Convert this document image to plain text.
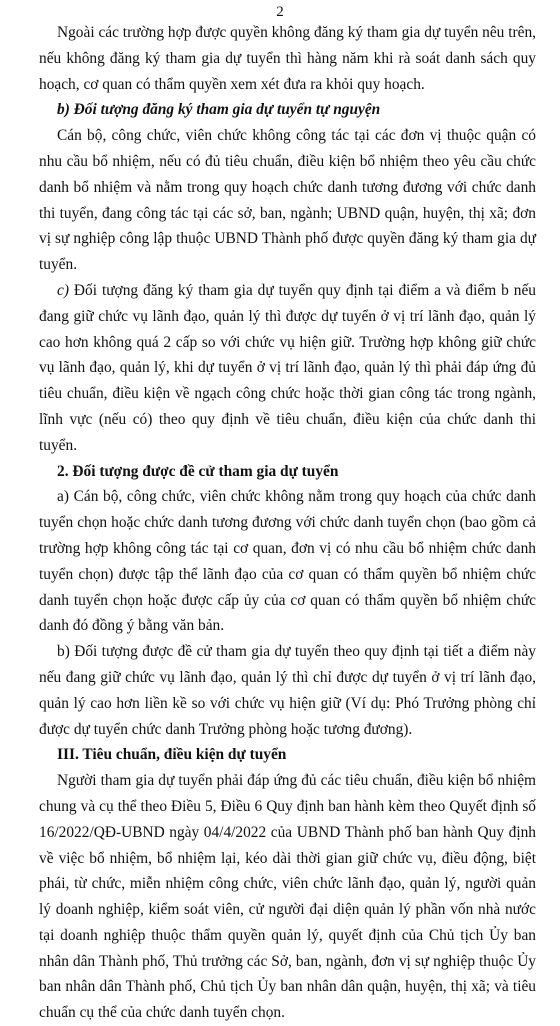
2

Ngoài các trường hợp được quyền không đăng ký tham gia dự tuyển nêu trên, nếu không đăng ký tham gia dự tuyển thì hàng năm khi rà soát danh sách quy hoạch, cơ quan có thẩm quyền xem xét đưa ra khỏi quy hoạch.

b) Đối tượng đăng ký tham gia dự tuyển tự nguyện

Cán bộ, công chức, viên chức không công tác tại các đơn vị thuộc quận có nhu cầu bổ nhiệm, nếu có đủ tiêu chuẩn, điều kiện bổ nhiệm theo yêu cầu chức danh bổ nhiệm và nằm trong quy hoạch chức danh tương đương với chức danh thi tuyển, đang công tác tại các sở, ban, ngành; UBND quận, huyện, thị xã; đơn vị sự nghiệp công lập thuộc UBND Thành phố được quyền đăng ký tham gia dự tuyển.

c) Đối tượng đăng ký tham gia dự tuyển quy định tại điểm a và điểm b nếu đang giữ chức vụ lãnh đạo, quản lý thì được dự tuyển ở vị trí lãnh đạo, quản lý cao hơn không quá 2 cấp so với chức vụ hiện giữ. Trường hợp không giữ chức vụ lãnh đạo, quản lý, khi dự tuyển ở vị trí lãnh đạo, quản lý thì phải đáp ứng đủ tiêu chuẩn, điều kiện về ngạch công chức hoặc thời gian công tác trong ngành, lĩnh vực (nếu có) theo quy định về tiêu chuẩn, điều kiện của chức danh thi tuyển.

2. Đối tượng được đề cử tham gia dự tuyển

a) Cán bộ, công chức, viên chức không nằm trong quy hoạch của chức danh tuyển chọn hoặc chức danh tương đương với chức danh tuyển chọn (bao gồm cả trường hợp không công tác tại cơ quan, đơn vị có nhu cầu bổ nhiệm chức danh tuyển chọn) được tập thể lãnh đạo của cơ quan có thẩm quyền bổ nhiệm chức danh tuyển chọn hoặc được cấp ủy của cơ quan có thẩm quyền bổ nhiệm chức danh đó đồng ý bằng văn bản.

b) Đối tượng được đề cử tham gia dự tuyển theo quy định tại tiết a điểm này nếu đang giữ chức vụ lãnh đạo, quản lý thì chỉ được dự tuyển ở vị trí lãnh đạo, quản lý cao hơn liền kề so với chức vụ hiện giữ (Ví dụ: Phó Trưởng phòng chỉ được dự tuyển chức danh Trưởng phòng hoặc tương đương).

III. Tiêu chuẩn, điều kiện dự tuyển

Người tham gia dự tuyển phải đáp ứng đủ các tiêu chuẩn, điều kiện bổ nhiệm chung và cụ thể theo Điều 5, Điều 6 Quy định ban hành kèm theo Quyết định số 16/2022/QĐ-UBND ngày 04/4/2022 của UBND Thành phố ban hành Quy định về việc bổ nhiệm, bổ nhiệm lại, kéo dài thời gian giữ chức vụ, điều động, biệt phái, từ chức, miễn nhiệm công chức, viên chức lãnh đạo, quản lý, người quản lý doanh nghiệp, kiểm soát viên, cử người đại diện quản lý phần vốn nhà nước tại doanh nghiệp thuộc thẩm quyền quản lý, quyết định của Chủ tịch Ủy ban nhân dân Thành phố, Thủ trưởng các Sở, ban, ngành, đơn vị sự nghiệp thuộc Ủy ban nhân dân Thành phố, Chủ tịch Ủy ban nhân dân quận, huyện, thị xã; và tiêu chuẩn cụ thể của chức danh tuyển chọn.
